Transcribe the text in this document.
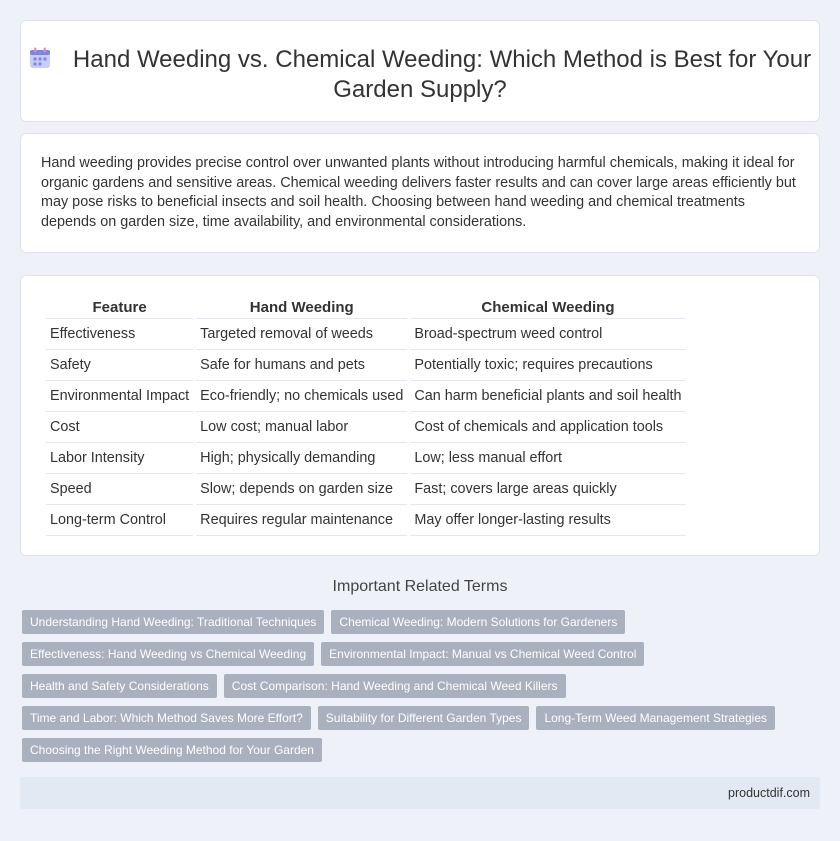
Hand Weeding vs. Chemical Weeding: Which Method is Best for Your Garden Supply?

Hand weeding provides precise control over unwanted plants without introducing harmful chemicals, making it ideal for organic gardens and sensitive areas. Chemical weeding delivers faster results and can cover large areas efficiently but may pose risks to beneficial insects and soil health. Choosing between hand weeding and chemical treatments depends on garden size, time availability, and environmental considerations.

Feature	Hand Weeding	Chemical Weeding
Effectiveness	Targeted removal of weeds	Broad-spectrum weed control
Safety	Safe for humans and pets	Potentially toxic; requires precautions
Environmental Impact	Eco-friendly; no chemicals used	Can harm beneficial plants and soil health
Cost	Low cost; manual labor	Cost of chemicals and application tools
Labor Intensity	High; physically demanding	Low; less manual effort
Speed	Slow; depends on garden size	Fast; covers large areas quickly
Long-term Control	Requires regular maintenance	May offer longer-lasting results
Important Related Terms
Understanding Hand Weeding: Traditional Techniques	Chemical Weeding: Modern Solutions for Gardeners
Effectiveness: Hand Weeding vs Chemical Weeding	Environmental Impact: Manual vs Chemical Weed Control
Health and Safety Considerations	Cost Comparison: Hand Weeding and Chemical Weed Killers
Time and Labor: Which Method Saves More Effort?	Suitability for Different Garden Types	Long-Term Weed Management Strategies
Choosing the Right Weeding Method for Your Garden
productdif.com
